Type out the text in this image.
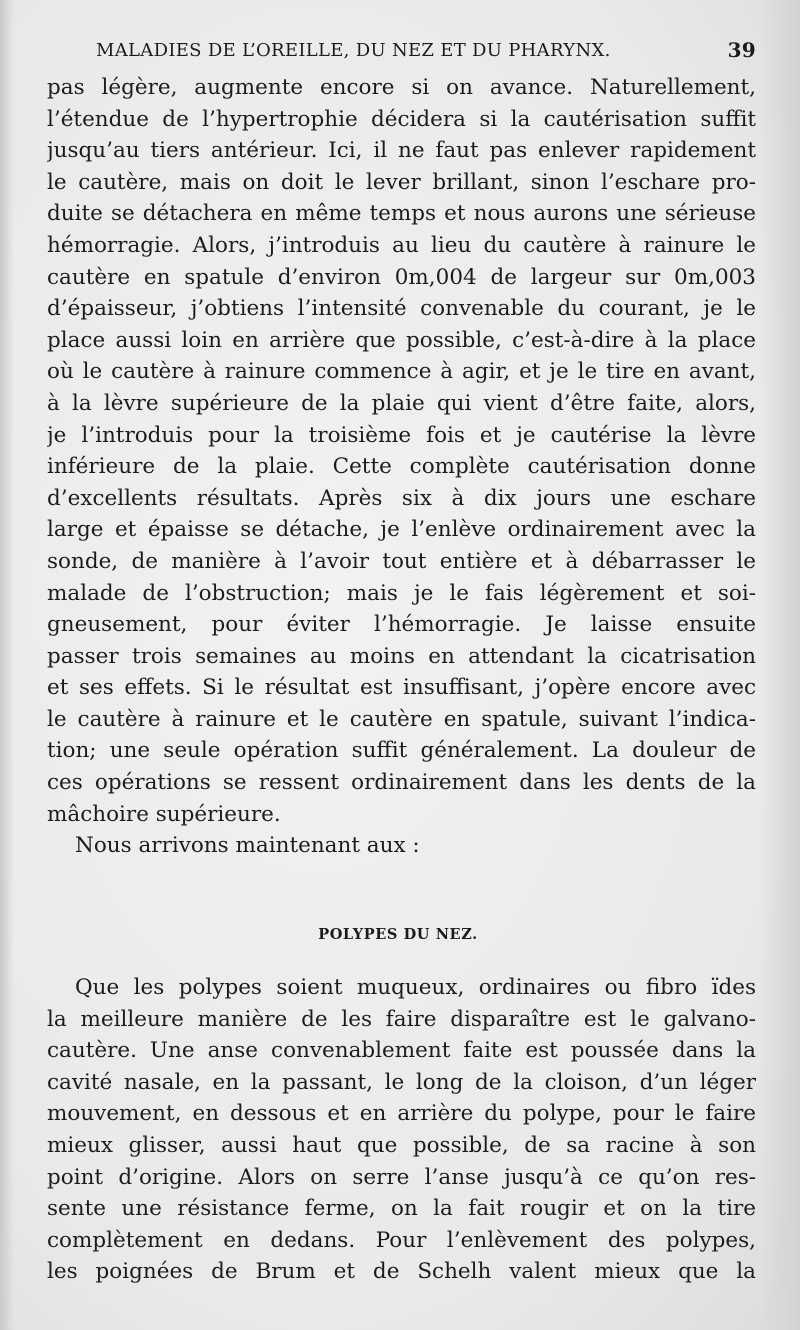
MALADIES DE L’OREILLE, DU NEZ ET DU PHARYNX.	39
pas légère, augmente encore si on avance. Naturellement,
l’étendue de l’hypertrophie décidera si la cautérisation suffit
jusqu’au tiers antérieur. Ici, il ne faut pas enlever rapidement
le cautère, mais on doit le lever brillant, sinon l’eschare pro-
duite se détachera en même temps et nous aurons une sérieuse
hémorragie. Alors, j’introduis au lieu du cautère à rainure le
cautère en spatule d’environ 0m,004 de largeur sur 0m,003
d’épaisseur, j’obtiens l’intensité convenable du courant, je le
place aussi loin en arrière que possible, c’est-à-dire à la place
où le cautère à rainure commence à agir, et je le tire en avant,
à la lèvre supérieure de la plaie qui vient d’être faite, alors,
je l’introduis pour la troisième fois et je cautérise la lèvre
inférieure de la plaie. Cette complète cautérisation donne
d’excellents résultats. Après six à dix jours une eschare
large et épaisse se détache, je l’enlève ordinairement avec la
sonde, de manière à l’avoir tout entière et à débarrasser le
malade de l’obstruction; mais je le fais légèrement et soi-
gneusement, pour éviter l’hémorragie. Je laisse ensuite
passer trois semaines au moins en attendant la cicatrisation
et ses effets. Si le résultat est insuffisant, j’opère encore avec
le cautère à rainure et le cautère en spatule, suivant l’indica-
tion; une seule opération suffit généralement. La douleur de
ces opérations se ressent ordinairement dans les dents de la
mâchoire supérieure.
Nous arrivons maintenant aux :
POLYPES DU NEZ.
Que les polypes soient muqueux, ordinaires ou fibro ïdes
la meilleure manière de les faire disparaître est le galvano-
cautère. Une anse convenablement faite est poussée dans la
cavité nasale, en la passant, le long de la cloison, d’un léger
mouvement, en dessous et en arrière du polype, pour le faire
mieux glisser, aussi haut que possible, de sa racine à son
point d’origine. Alors on serre l’anse jusqu’à ce qu’on res-
sente une résistance ferme, on la fait rougir et on la tire
complètement en dedans. Pour l’enlèvement des polypes,
les poignées de Brum et de Schelh valent mieux que la
